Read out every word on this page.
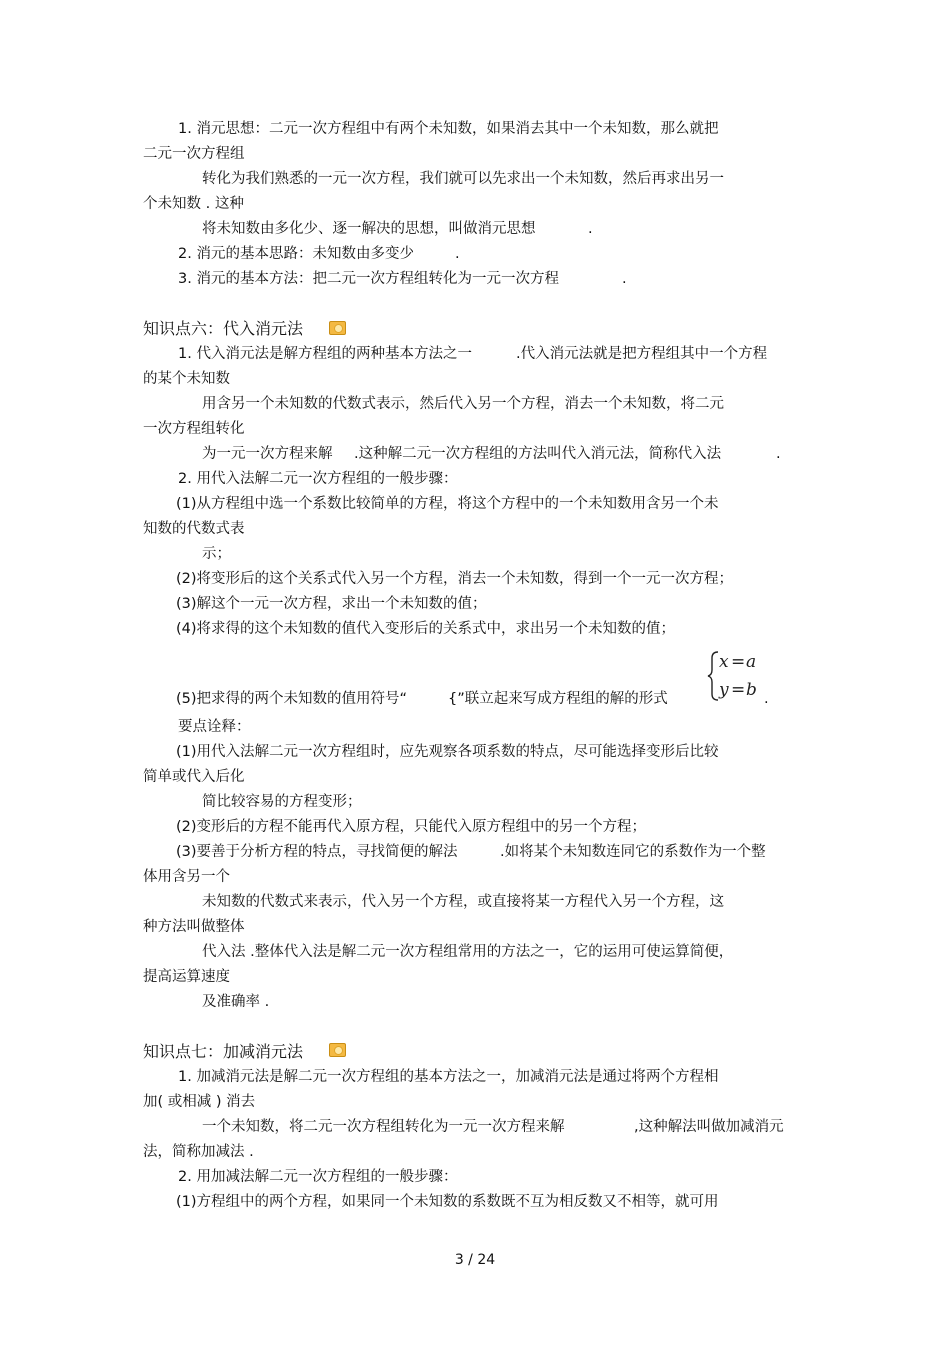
1. 消元思想：二元一次方程组中有两个未知数，如果消去其中一个未知数，那么就把
二元一次方程组
转化为我们熟悉的一元一次方程，我们就可以先求出一个未知数，然后再求出另一
个未知数 . 这种
将未知数由多化少、逐一解决的思想，叫做消元思想	.
2. 消元的基本思路：未知数由多变少	.
3. 消元的基本方法：把二元一次方程组转化为一元一次方程	.
知识点六：代入消元法
1. 代入消元法是解方程组的两种基本方法之一	.代入消元法就是把方程组其中一个方程
的某个未知数
用含另一个未知数的代数式表示，然后代入另一个方程，消去一个未知数，将二元
一次方程组转化
为一元一次方程来解 .这种解二元一次方程组的方法叫代入消元法，简称代入法	.
2. 用代入法解二元一次方程组的一般步骤：
(1)从方程组中选一个系数比较简单的方程，将这个方程中的一个未知数用含另一个未
知数的代数式表
示；
(2)将变形后的这个关系式代入另一个方程，消去一个未知数，得到一个一元一次方程；
(3)解这个一元一次方程，求出一个未知数的值；
(4)将求得的这个未知数的值代入变形后的关系式中，求出另一个未知数的值；
(5)把求得的两个未知数的值用符号“	{”联立起来写成方程组的解的形式
x = a
y = b .
要点诠释：
(1)用代入法解二元一次方程组时，应先观察各项系数的特点，尽可能选择变形后比较
简单或代入后化
简比较容易的方程变形；
(2)变形后的方程不能再代入原方程，只能代入原方程组中的另一个方程；
(3)要善于分析方程的特点，寻找简便的解法	.如将某个未知数连同它的系数作为一个整
体用含另一个
未知数的代数式来表示，代入另一个方程，或直接将某一方程代入另一个方程，这
种方法叫做整体
代入法 .整体代入法是解二元一次方程组常用的方法之一，它的运用可使运算简便，
提高运算速度
及准确率 .
知识点七：加减消元法
1. 加减消元法是解二元一次方程组的基本方法之一，加减消元法是通过将两个方程相
加( 或相减 ) 消去
一个未知数，将二元一次方程组转化为一元一次方程来解	,这种解法叫做加减消元
法，简称加减法 .
2. 用加减法解二元一次方程组的一般步骤：
(1)方程组中的两个方程，如果同一个未知数的系数既不互为相反数又不相等，就可用
3 / 24
